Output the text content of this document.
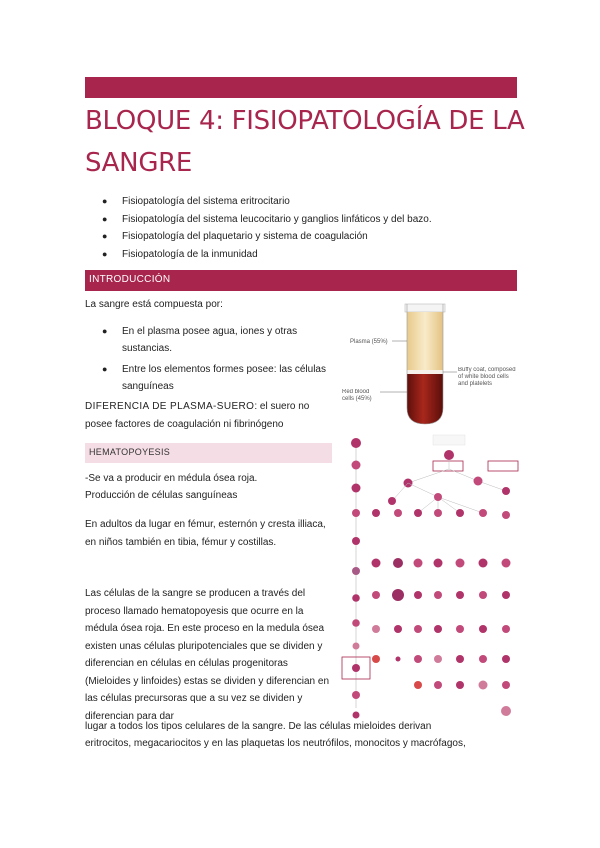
BLOQUE 4: FISIOPATOLOGÍA DE LA SANGRE
● Fisiopatología del sistema eritrocitario
● Fisiopatología del sistema leucocitario y ganglios linfáticos y del bazo.
● Fisiopatología del plaquetario y sistema de coagulación
● Fisiopatología de la inmunidad
INTRODUCCIÓN

La sangre está compuesta por:

● En el plasma posee agua, iones y otras sustancias.
● Entre los elementos formes posee: las células sanguíneas

DIFERENCIA DE PLASMA-SUERO: el suero no posee factores de coagulación ni fibrinógeno

Plasma (55%)
Buffy coat, composed of white blood cells and platelets
Red blood cells (45%)
HEMATOPOYESIS

-Se va a producir en médula ósea roja.

Producción de células sanguíneas

En adultos da lugar en fémur, esternón y cresta illiaca, en niños también en tibia, fémur y costillas.

Las células de la sangre se producen a través del proceso llamado hematopoyesis que ocurre en la médula ósea roja. En este proceso en la medula ósea existen unas células pluripotenciales que se dividen y diferencian en células en células progenitoras (Mieloides y linfoides) estas se dividen y diferencian en las células precursoras que a su vez se dividen y diferencian para dar

lugar a todos los tipos celulares de la sangre. De las células mieloides derivan

eritrocitos, megacariocitos y en las plaquetas los neutrófilos, monocitos y macrófagos,
